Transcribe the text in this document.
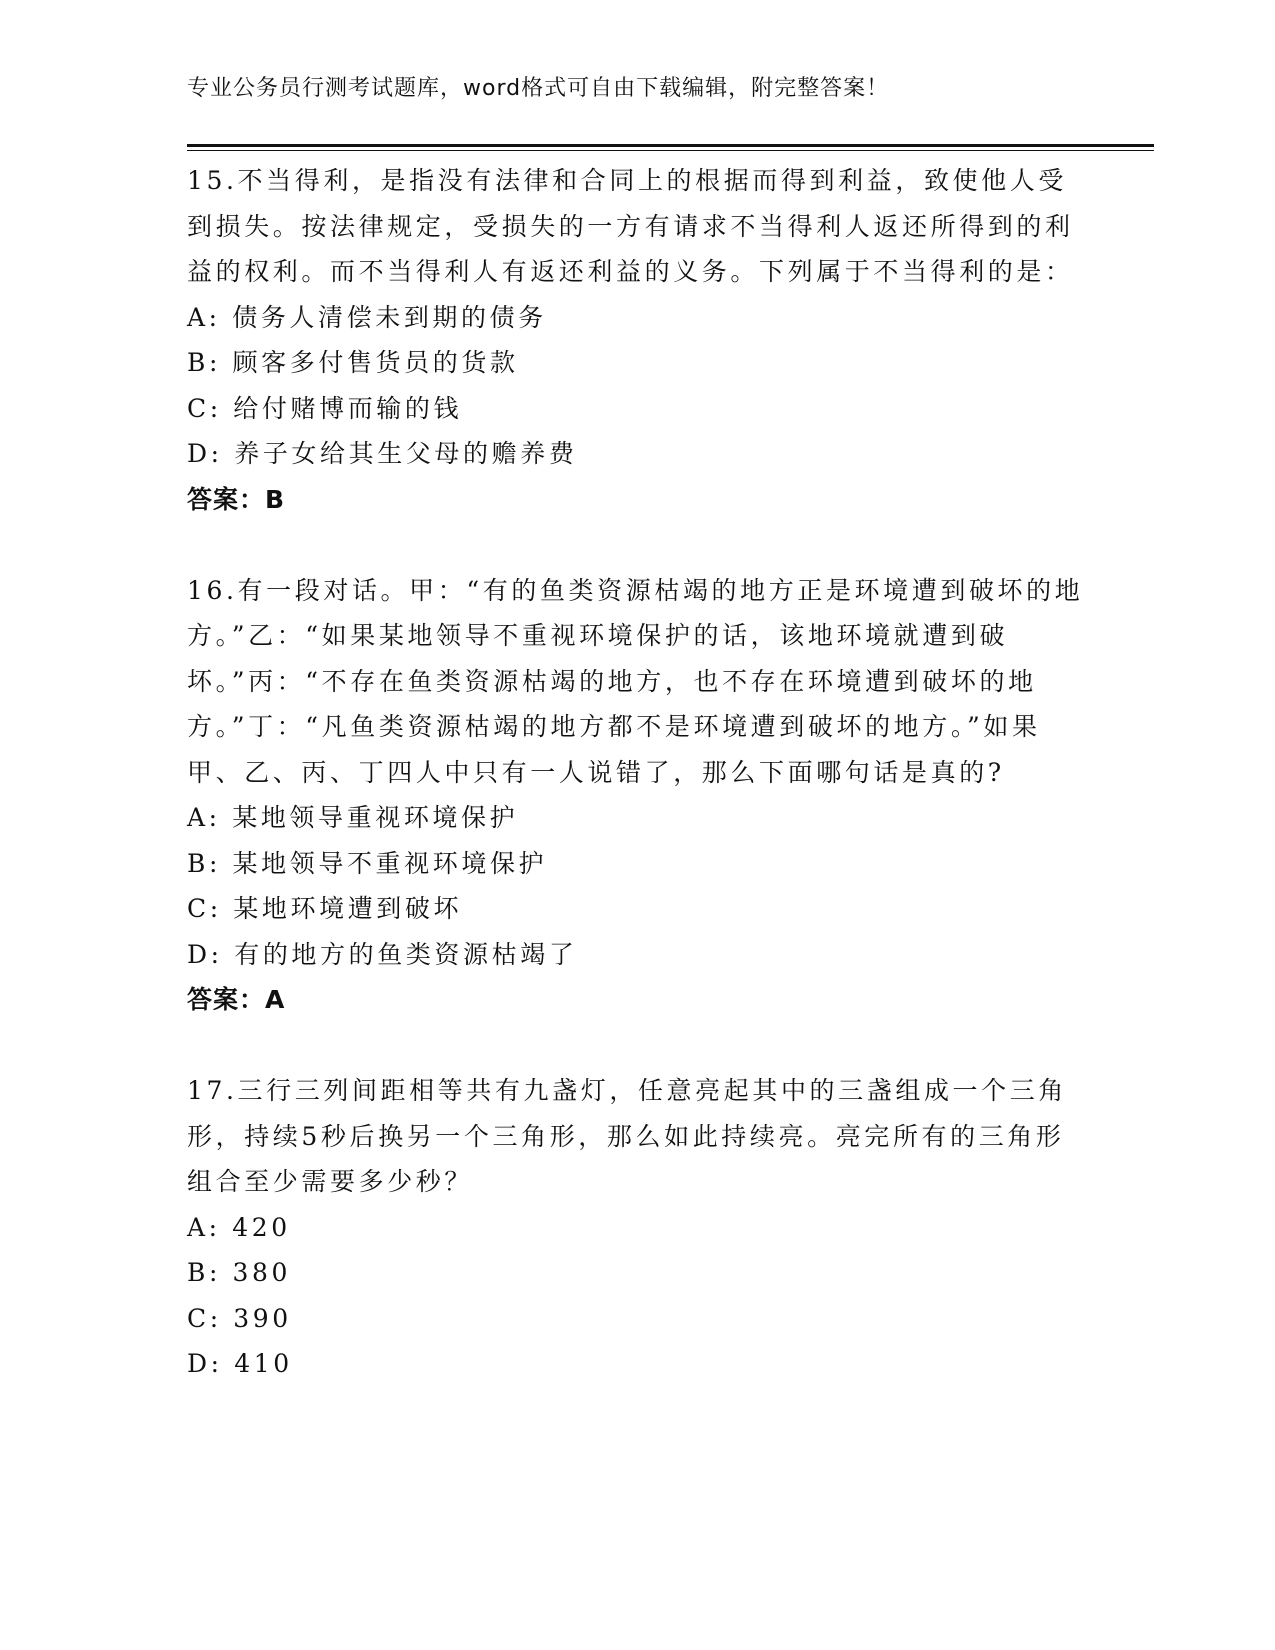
专业公务员行测考试题库，word格式可自由下载编辑，附完整答案！

15.不当得利，是指没有法律和合同上的根据而得到利益，致使他人受到损失。按法律规定，受损失的一方有请求不当得利人返还所得到的利益的权利。而不当得利人有返还利益的义务。下列属于不当得利的是：

A: 债务人清偿未到期的债务

B: 顾客多付售货员的货款

C: 给付赌博而输的钱

D: 养子女给其生父母的赡养费

答案：B

16.有一段对话。甲：“有的鱼类资源枯竭的地方正是环境遭到破坏的地方。”乙：“如果某地领导不重视环境保护的话，该地环境就遭到破坏。”丙：“不存在鱼类资源枯竭的地方，也不存在环境遭到破坏的地方。”丁：“凡鱼类资源枯竭的地方都不是环境遭到破坏的地方。”如果甲、乙、丙、丁四人中只有一人说错了，那么下面哪句话是真的?

A: 某地领导重视环境保护

B: 某地领导不重视环境保护

C: 某地环境遭到破坏

D: 有的地方的鱼类资源枯竭了

答案：A

17.三行三列间距相等共有九盏灯，任意亮起其中的三盏组成一个三角形，持续5秒后换另一个三角形，那么如此持续亮。亮完所有的三角形组合至少需要多少秒？

A: 420

B: 380

C: 390

D: 410
